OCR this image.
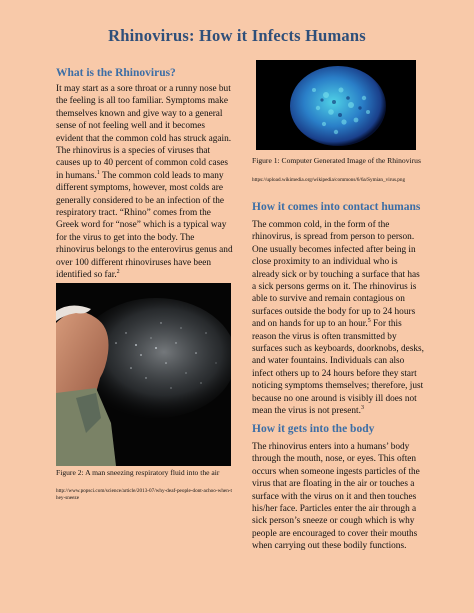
Rhinovirus: How it Infects Humans
What is the Rhinovirus?
It may start as a sore throat or a runny nose but the feeling is all too familiar. Symptoms make themselves known and give way to a general sense of not feeling well and it becomes evident that the common cold has struck again. The rhinovirus is a species of viruses that causes up to 40 percent of common cold cases in humans.$^1$ The common cold leads to many different symptoms, however, most colds are generally considered to be an infection of the respiratory tract. “Rhino” comes from the Greek word for “nose” which is a typical way for the virus to get into the body. The rhinovirus belongs to the enterovirus genus and over 100 different rhinoviruses have been identified so far.$^2$
Figure 2: A man sneezing respiratory fluid into the air
http://www.popsci.com/science/article/2013-07/why-deaf-people-dont-achoo-when-they-sneeze
Figure 1: Computer Generated Image of the Rhinovirus
https://upload.wikimedia.org/wikipedia/commons/6/6a/Symian_virus.png
How it comes into contact humans
The common cold, in the form of the rhinovirus, is spread from person to person. One usually becomes infected after being in close proximity to an individual who is already sick or by touching a surface that has a sick persons germs on it. The rhinovirus is able to survive and remain contagious on surfaces outside the body for up to 24 hours and on hands for up to an hour.$^5$ For this reason the virus is often transmitted by surfaces such as keyboards, doorknobs, desks, and water fountains. Individuals can also infect others up to 24 hours before they start noticing symptoms themselves; therefore, just because no one around is visibly ill does not mean the virus is not present.$^3$
How it gets into the body
The rhinovirus enters into a humans’ body through the mouth, nose, or eyes. This often occurs when someone ingests particles of the virus that are floating in the air or touches a surface with the virus on it and then touches his/her face. Particles enter the air through a sick person’s sneeze or cough which is why people are encouraged to cover their mouths when carrying out these bodily functions.
